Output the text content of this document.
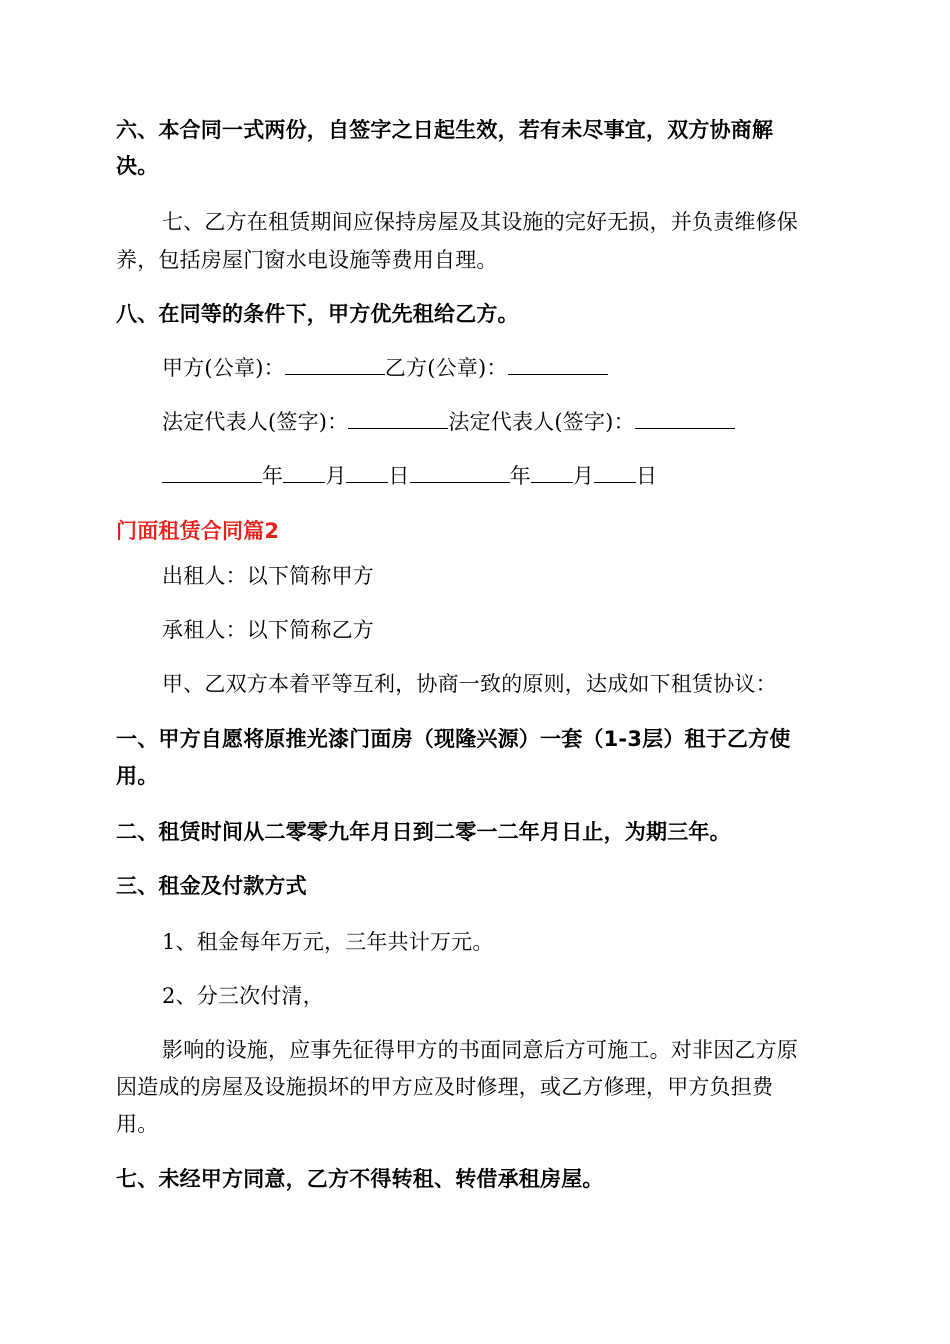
六、本合同一式两份，自签字之日起生效，若有未尽事宜，双方协商解
决。
七、乙方在租赁期间应保持房屋及其设施的完好无损，并负责维修保
养，包括房屋门窗水电设施等费用自理。
八、在同等的条件下，甲方优先租给乙方。
甲方(公章)：	乙方(公章)：
法定代表人(签字)：	法定代表人(签字)：
年 月 日	年 月 日
门面租赁合同篇2
出租人：以下简称甲方
承租人：以下简称乙方
甲、乙双方本着平等互利，协商一致的原则，达成如下租赁协议：
一、甲方自愿将原推光漆门面房（现隆兴源）一套（1-3层）租于乙方使
用。
二、租赁时间从二零零九年月日到二零一二年月日止，为期三年。
三、租金及付款方式
1、租金每年万元，三年共计万元。
2、分三次付清，
影响的设施，应事先征得甲方的书面同意后方可施工。对非因乙方原
因造成的房屋及设施损坏的甲方应及时修理，或乙方修理，甲方负担费
用。
七、未经甲方同意，乙方不得转租、转借承租房屋。
